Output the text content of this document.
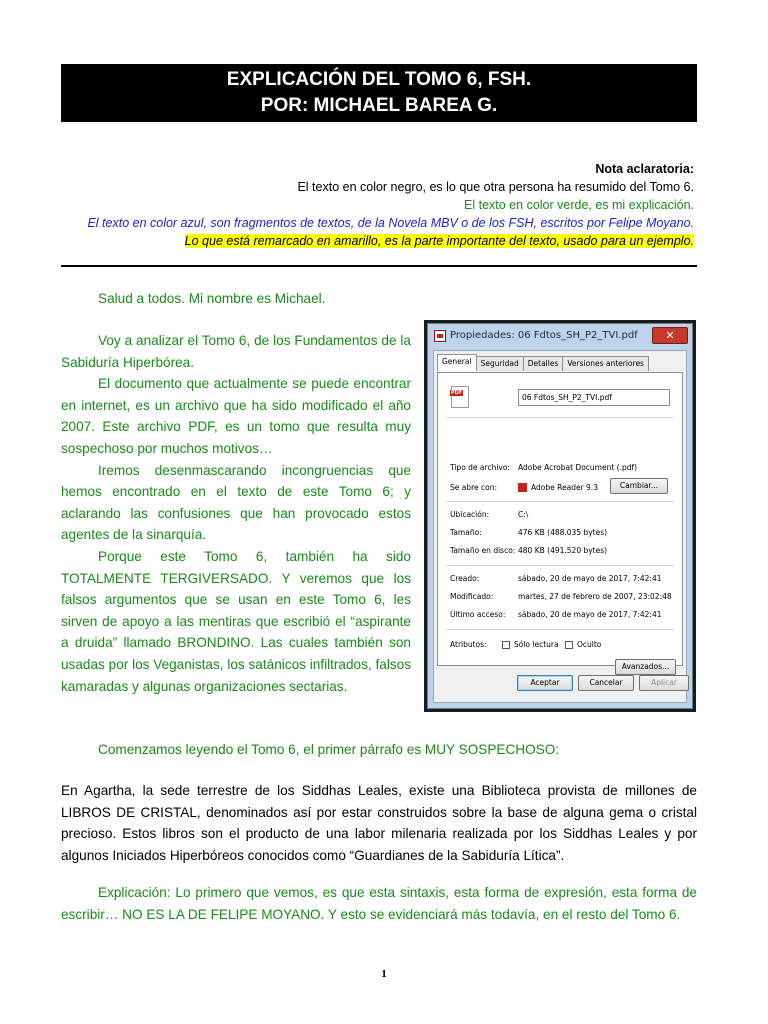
EXPLICACIÓN DEL TOMO 6, FSH.
POR: MICHAEL BAREA G.
Nota aclaratoria:
El texto en color negro, es lo que otra persona ha resumido del Tomo 6.
El texto en color verde, es mi explicación.
El texto en color azul, son fragmentos de textos, de la Novela MBV o de los FSH, escritos por Felipe Moyano.
Lo que está remarcado en amarillo, es la parte importante del texto, usado para un ejemplo.

Salud a todos. Mi nombre es Michael.

Voy a analizar el Tomo 6, de los Fundamentos de la Sabiduría Hiperbórea.

El documento que actualmente se puede encontrar en internet, es un archivo que ha sido modificado el año 2007. Este archivo PDF, es un tomo que resulta muy sospechoso por muchos motivos…

Iremos desenmascarando incongruencias que hemos encontrado en el texto de este Tomo 6; y aclarando las confusiones que han provocado estos agentes de la sinarquía.

Porque este Tomo 6, también ha sido TOTALMENTE TERGIVERSADO. Y veremos que los falsos argumentos que se usan en este Tomo 6, les sirven de apoyo a las mentiras que escribió el “aspirante a druida” llamado BRONDINO. Las cuales también son usadas por los Veganistas, los satánicos infiltrados, falsos kamaradas y algunas organizaciones sectarias.

Propiedades: 06 Fdtos_SH_P2_TVI.pdf	✕
General	Seguridad	Detalles	Versiones anteriores
PDF
06 Fdtos_SH_P2_TVI.pdf
Tipo de archivo: Adobe Acrobat Document (.pdf)
Se abre con:	Adobe Reader 9.3	Cambiar...
Ubicación:	C:\
Tamaño:	476 KB (488.035 bytes)
Tamaño en disco: 480 KB (491.520 bytes)
Creado:	sábado, 20 de mayo de 2017, 7:42:41
Modificado:	martes, 27 de febrero de 2007, 23:02:48
Último acceso: sábado, 20 de mayo de 2017, 7:42:41
Atributos:	Sólo lectura Oculto
Avanzados...
Aceptar	Cancelar	Aplicar

Comenzamos leyendo el Tomo 6, el primer párrafo es MUY SOSPECHOSO:

En Agartha, la sede terrestre de los Siddhas Leales, existe una Biblioteca provista de millones de LIBROS DE CRISTAL, denominados así por estar construidos sobre la base de alguna gema o cristal precioso. Estos libros son el producto de una labor milenaria realizada por los Siddhas Leales y por algunos Iniciados Hiperbóreos conocidos como “Guardianes de la Sabiduría Lítica”.

Explicación: Lo primero que vemos, es que esta sintaxis, esta forma de expresión, esta forma de escribir… NO ES LA DE FELIPE MOYANO. Y esto se evidenciará más todavía, en el resto del Tomo 6.

1
